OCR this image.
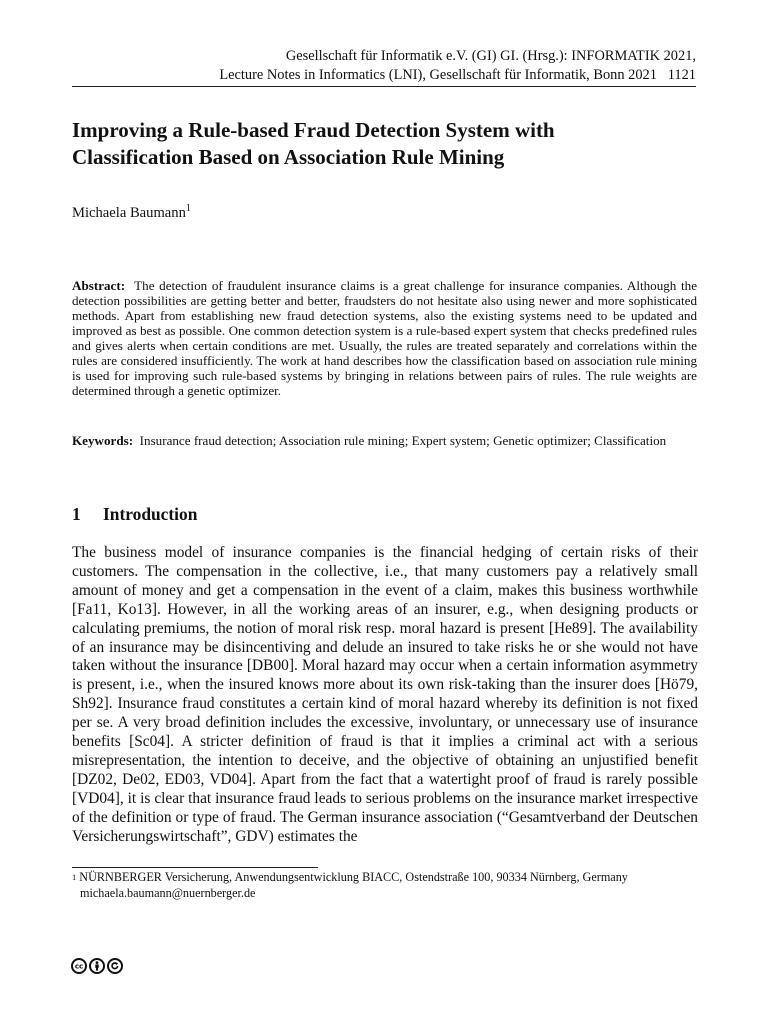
Gesellschaft für Informatik e.V. (GI) GI. (Hrsg.): INFORMATIK 2021,
Lecture Notes in Informatics (LNI), Gesellschaft für Informatik, Bonn 2021 1121
Improving a Rule-based Fraud Detection System with
Classification Based on Association Rule Mining
Michaela Baumann$^1$

Abstract: The detection of fraudulent insurance claims is a great challenge for insurance companies. Although the detection possibilities are getting better and better, fraudsters do not hesitate also using newer and more sophisticated methods. Apart from establishing new fraud detection systems, also the existing systems need to be updated and improved as best as possible. One common detection system is a rule-based expert system that checks predefined rules and gives alerts when certain conditions are met. Usually, the rules are treated separately and correlations within the rules are considered insufficiently. The work at hand describes how the classification based on association rule mining is used for improving such rule-based systems by bringing in relations between pairs of rules. The rule weights are determined through a genetic optimizer.

Keywords: Insurance fraud detection; Association rule mining; Expert system; Genetic optimizer; Classification

1 Introduction

The business model of insurance companies is the financial hedging of certain risks of their customers. The compensation in the collective, i.e., that many customers pay a relatively small amount of money and get a compensation in the event of a claim, makes this business worthwhile [Fa11, Ko13]. However, in all the working areas of an insurer, e.g., when designing products or calculating premiums, the notion of moral risk resp. moral hazard is present [He89]. The availability of an insurance may be disincentiving and delude an insured to take risks he or she would not have taken without the insurance [DB00]. Moral hazard may occur when a certain information asymmetry is present, i.e., when the insured knows more about its own risk-taking than the insurer does [Hö79, Sh92]. Insurance fraud constitutes a certain kind of moral hazard whereby its definition is not fixed per se. A very broad definition includes the excessive, involuntary, or unnecessary use of insurance benefits [Sc04]. A stricter definition of fraud is that it implies a criminal act with a serious misrepresentation, the intention to deceive, and the objective of obtaining an unjustified benefit [DZ02, De02, ED03, VD04]. Apart from the fact that a watertight proof of fraud is rarely possible [VD04], it is clear that insurance fraud leads to serious problems on the insurance market irrespective of the definition or type of fraud. The German insurance association (“Gesamtverband der Deutschen Versicherungswirtschaft”, GDV) estimates the

$^1$ NÜRNBERGER Versicherung, Anwendungsentwicklung BIACC, Ostendstraße 100, 90334 Nürnberg, Germany
michaela.baumann@nuernberger.de
cc
